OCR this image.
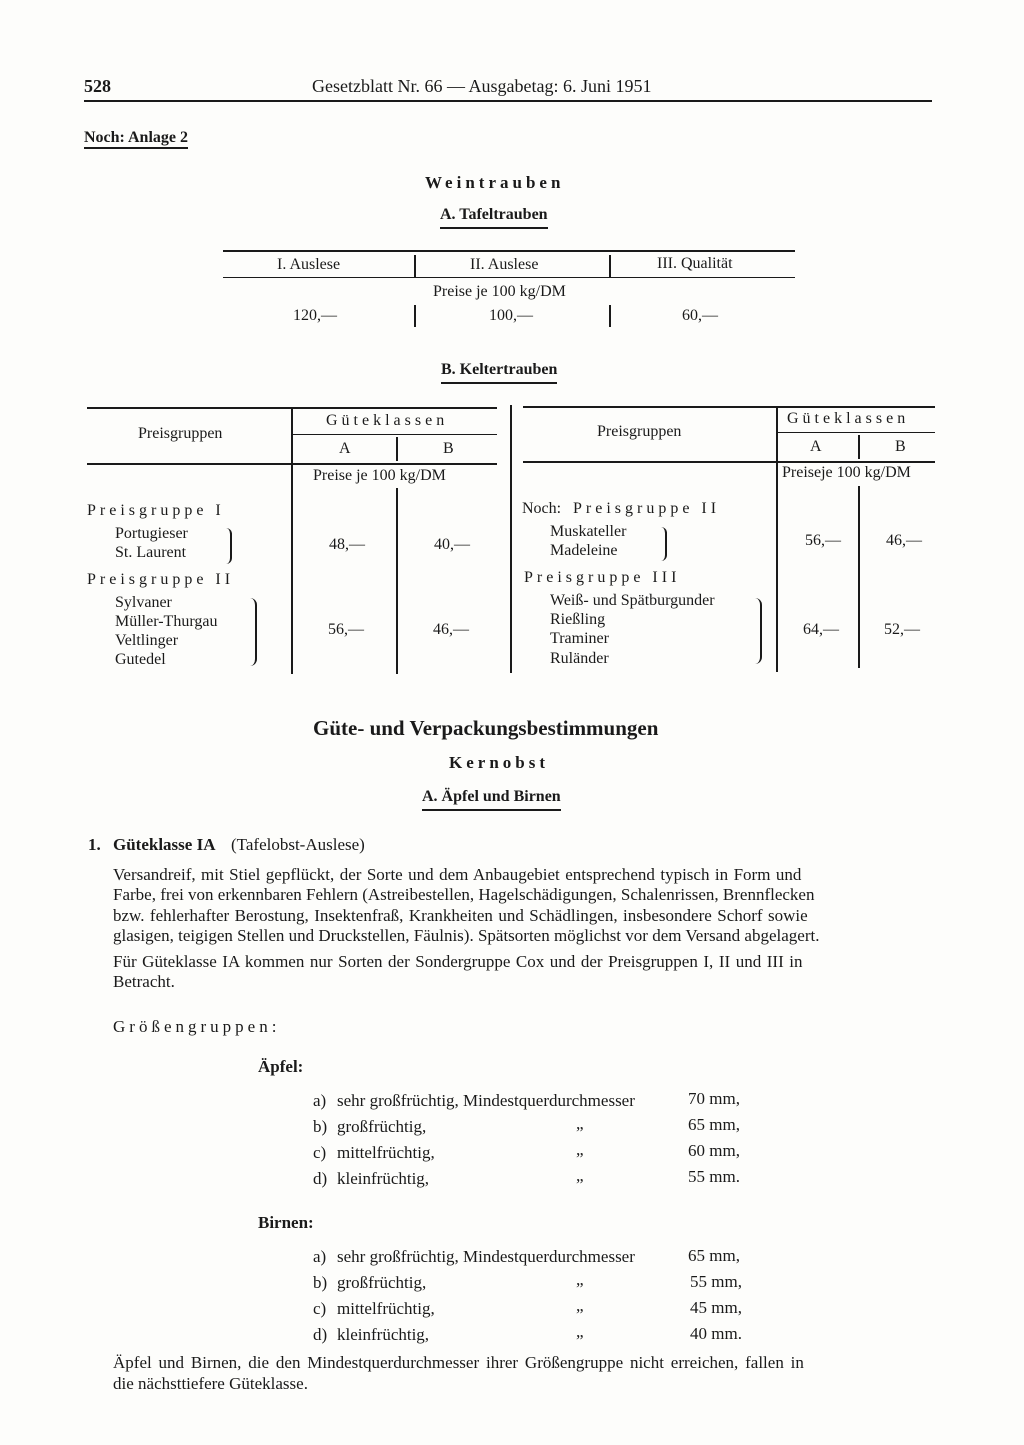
528	Gesetzblatt Nr. 66 — Ausgabetag: 6. Juni 1951
Noch: Anlage 2
Weintrauben
A. Tafeltrauben
I. Auslese	II. Auslese	III. Qualität
Preise je 100 kg/DM
120,—	100,—	60,—
B. Keltertrauben
Preisgruppen
Güteklassen
A	B
Preise je 100 kg/DM
Preisgruppe I
Portugieser
St. Laurent	48,—	40,—
Preisgruppe II
Sylvaner
Müller-Thurgau
Veltlinger
Gutedel
56,—	46,—
Preisgruppen
Güteklassen
A	B
Preiseje 100 kg/DM
Noch: Preisgruppe II
Muskateller
Madeleine
56,—	46,—
Preisgruppe III
Weiß- und Spätburgunder
Rießling
Traminer
Ruländer
64,—	52,—
Güte- und Verpackungsbestimmungen
Kernobst
A. Äpfel und Birnen
1. Güteklasse IA (Tafelobst-Auslese)
Versandreif, mit Stiel gepflückt, der Sorte und dem Anbaugebiet entsprechend typisch in Form und
Farbe, frei von erkennbaren Fehlern (Astreibestellen, Hagelschädigungen, Schalenrissen, Brennflecken
bzw. fehlerhafter Berostung, Insektenfraß, Krankheiten und Schädlingen, insbesondere Schorf sowie
glasigen, teigigen Stellen und Druckstellen, Fäulnis). Spätsorten möglichst vor dem Versand abgelagert.
Für Güteklasse IA kommen nur Sorten der Sondergruppe Cox und der Preisgruppen I, II und III in
Betracht.
Größengruppen:
Äpfel:
a) sehr großfrüchtig, Mindestquerdurchmesser	70 mm,
b) großfrüchtig,	„	65 mm,
c) mittelfrüchtig,	„	60 mm,
d) kleinfrüchtig,	„	55 mm.
Birnen:
a) sehr großfrüchtig, Mindestquerdurchmesser	65 mm,
b) großfrüchtig,	„	55 mm,
c) mittelfrüchtig,	„	45 mm,
d) kleinfrüchtig,	„	40 mm.
Äpfel und Birnen, die den Mindestquerdurchmesser ihrer Größengruppe nicht erreichen, fallen in
die nächsttiefere Güteklasse.
